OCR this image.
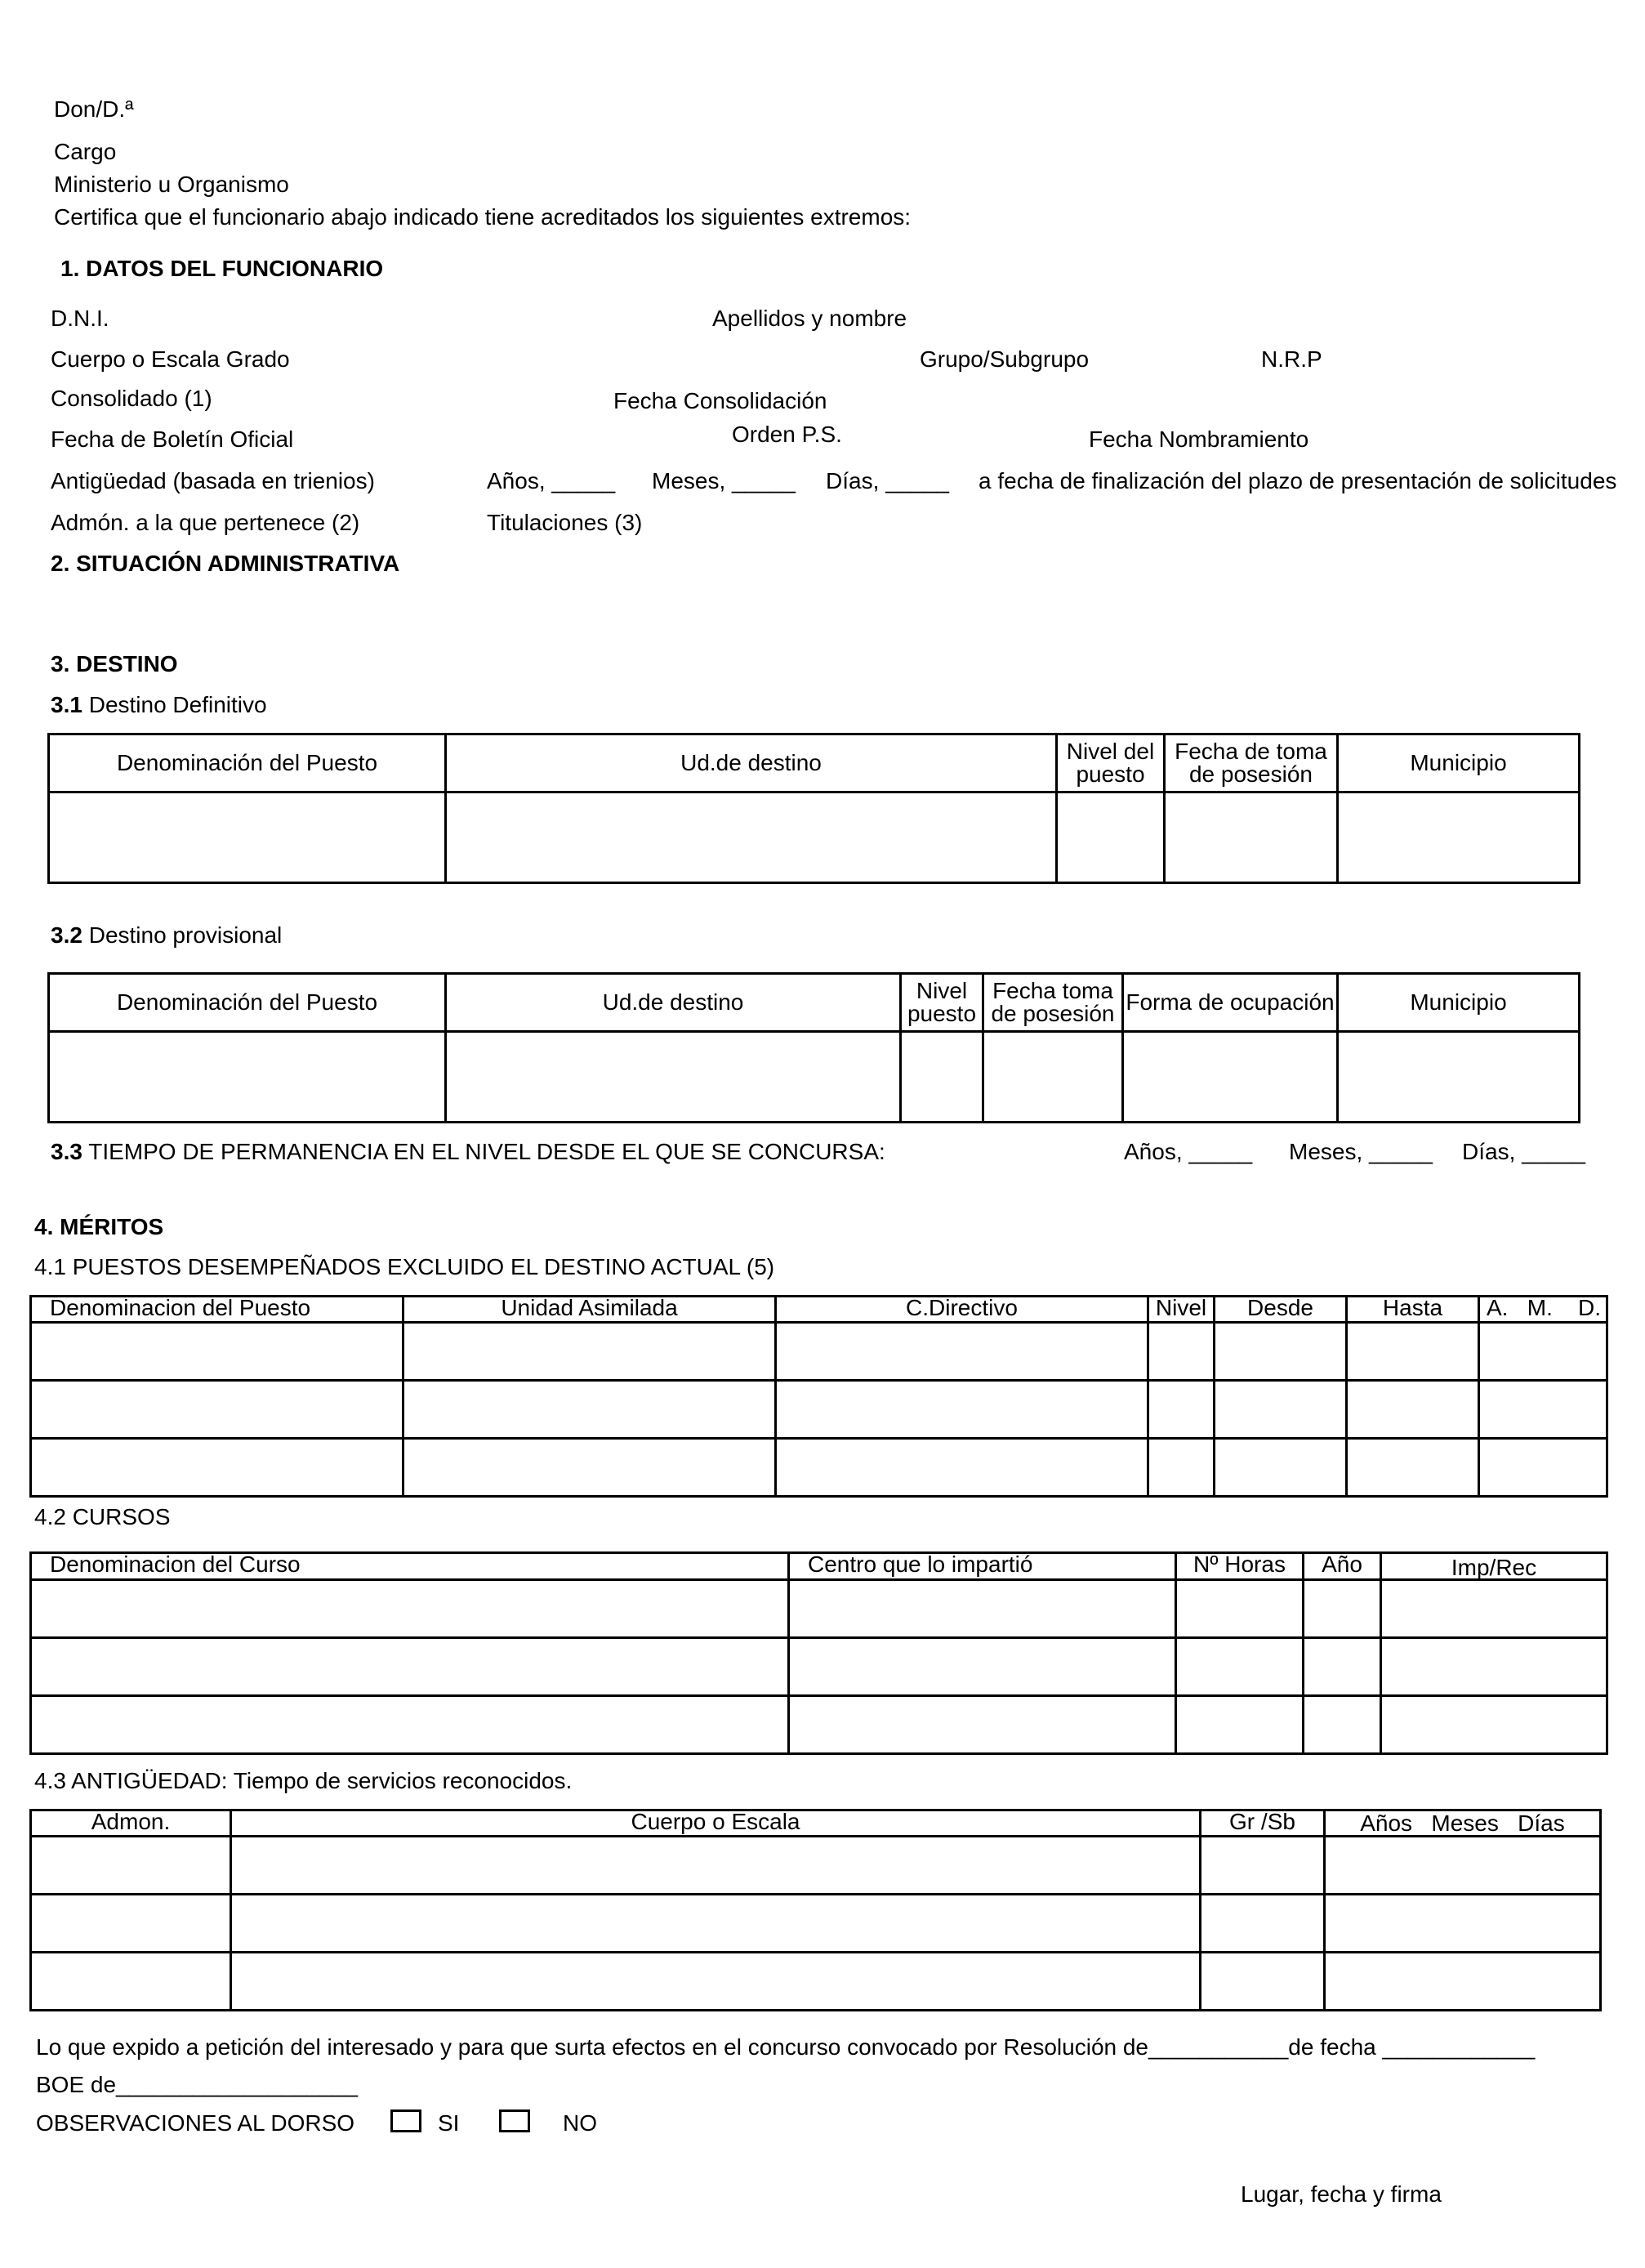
Don/D.ª
Cargo
Ministerio u Organismo
Certifica que el funcionario abajo indicado tiene acreditados los siguientes extremos:
1. DATOS DEL FUNCIONARIO
D.N.I.	Apellidos y nombre
Cuerpo o Escala Grado	Grupo/Subgrupo	N.R.P
Consolidado (1)	Fecha Consolidación
Fecha de Boletín Oficial	Orden P.S.	Fecha Nombramiento
Antigüedad (basada en trienios)	Años, _____ Meses, _____ Días, _____ a fecha de finalización del plazo de presentación de solicitudes
Admón. a la que pertenece (2)	Titulaciones (3)
2. SITUACIÓN ADMINISTRATIVA
3. DESTINO
3.1 Destino Definitivo
Denominación del Puesto	Ud.de destino	Nivel del puesto	Fecha de toma de posesión	Municipio

3.2 Destino provisional
Denominación del Puesto	Ud.de destino	Nivel puesto	Fecha toma de posesión	Forma de ocupación	Municipio

3.3 TIEMPO DE PERMANENCIA EN EL NIVEL DESDE EL QUE SE CONCURSA:	Años, _____ Meses, _____ Días, _____
4. MÉRITOS
4.1 PUESTOS DESEMPEÑADOS EXCLUIDO EL DESTINO ACTUAL (5)
Denominacion del Puesto	Unidad Asimilada	C.Directivo	Nivel	Desde	Hasta	A.   M.    D.

4.2 CURSOS
Denominacion del Curso	Centro que lo impartió	Nº Horas	Año	Imp/Rec

4.3 ANTIGÜEDAD: Tiempo de servicios reconocidos.
Admon.	Cuerpo o Escala	Gr /Sb	Años   Meses   Días

Lo que expido a petición del interesado y para que surta efectos en el concurso convocado por Resolución de___________de fecha ____________
BOE de___________________
OBSERVACIONES AL DORSO	SI	NO
Lugar, fecha y firma
